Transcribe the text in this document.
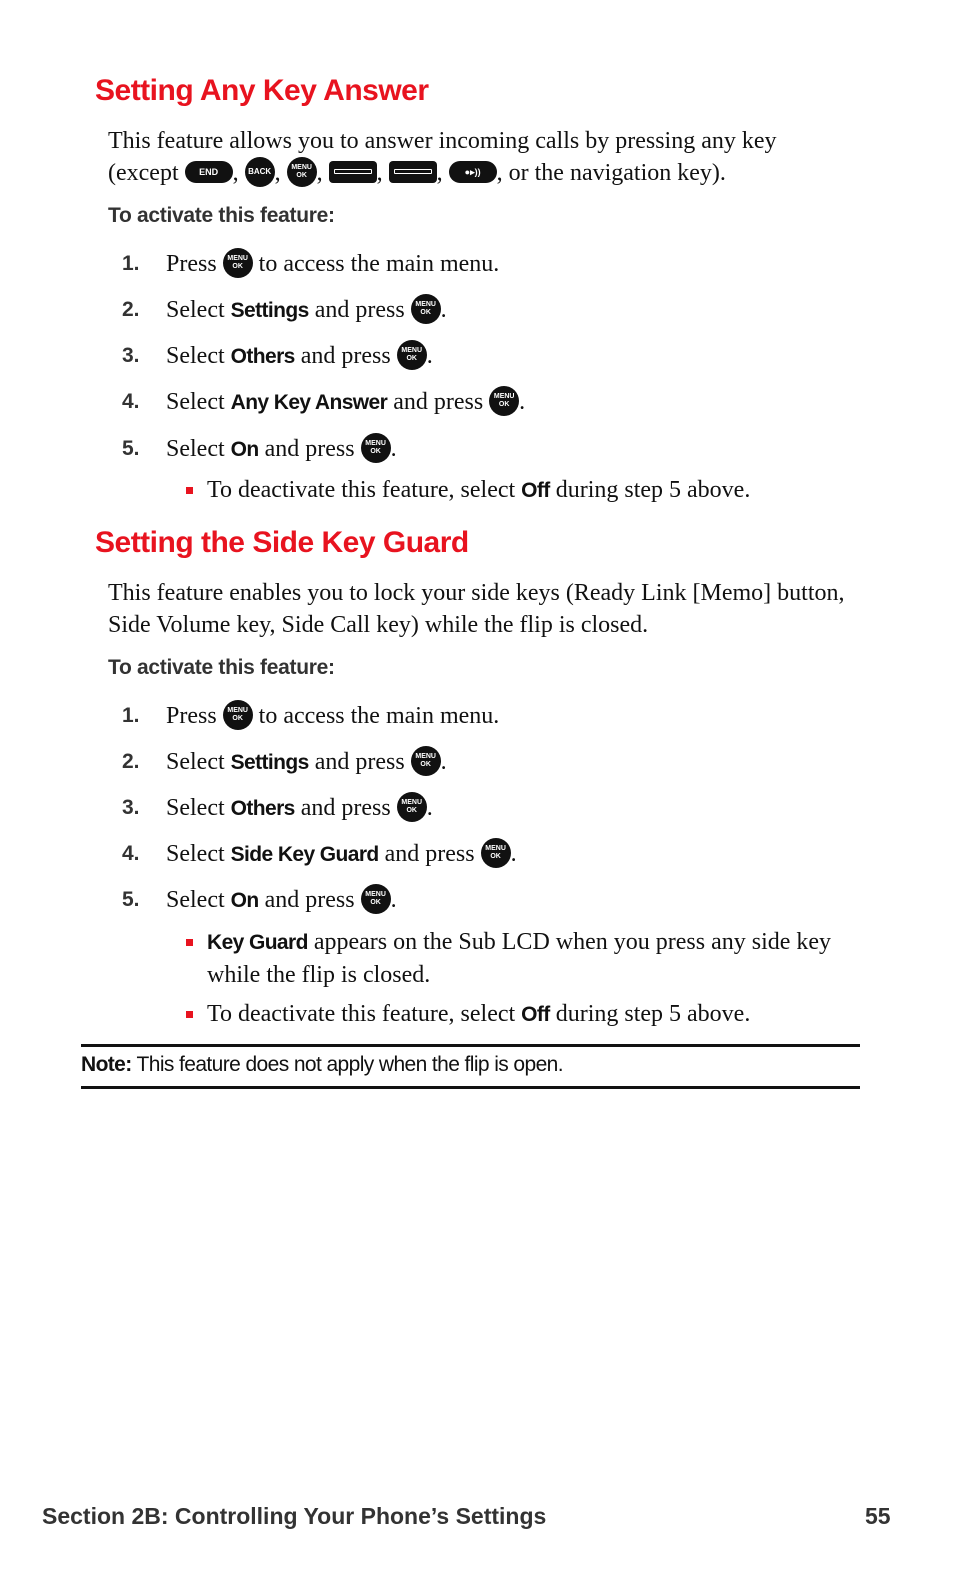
Setting Any Key Answer

This feature allows you to answer incoming calls by pressing any key
(except END , BACK , MENU
OK ,
,
, ●▸)) , or the navigation key).

To activate this feature:
1.	Press	MENU
OK to access the main menu.
2.	Select Settings and press	MENU
OK .
3.	Select Others and press	MENU
OK .
4.	Select Any Key Answer and press	MENU
OK .
5.	Select On and press	MENU
OK .
To deactivate this feature, select Off during step 5 above.
Setting the Side Key Guard

This feature enables you to lock your side keys (Ready Link [Memo] button, Side Volume key, Side Call key) while the flip is closed.

To activate this feature:
1.	Press	MENU
OK to access the main menu.
2.	Select Settings and press	MENU
OK .
3.	Select Others and press	MENU
OK .
4.	Select Side Key Guard and press	MENU
OK .
5.	Select On and press	MENU
OK .
Key Guard appears on the Sub LCD when you press any side key while the flip is closed.
To deactivate this feature, select Off during step 5 above.
Note: This feature does not apply when the flip is open.
Section 2B: Controlling Your Phone’s Settings	55
